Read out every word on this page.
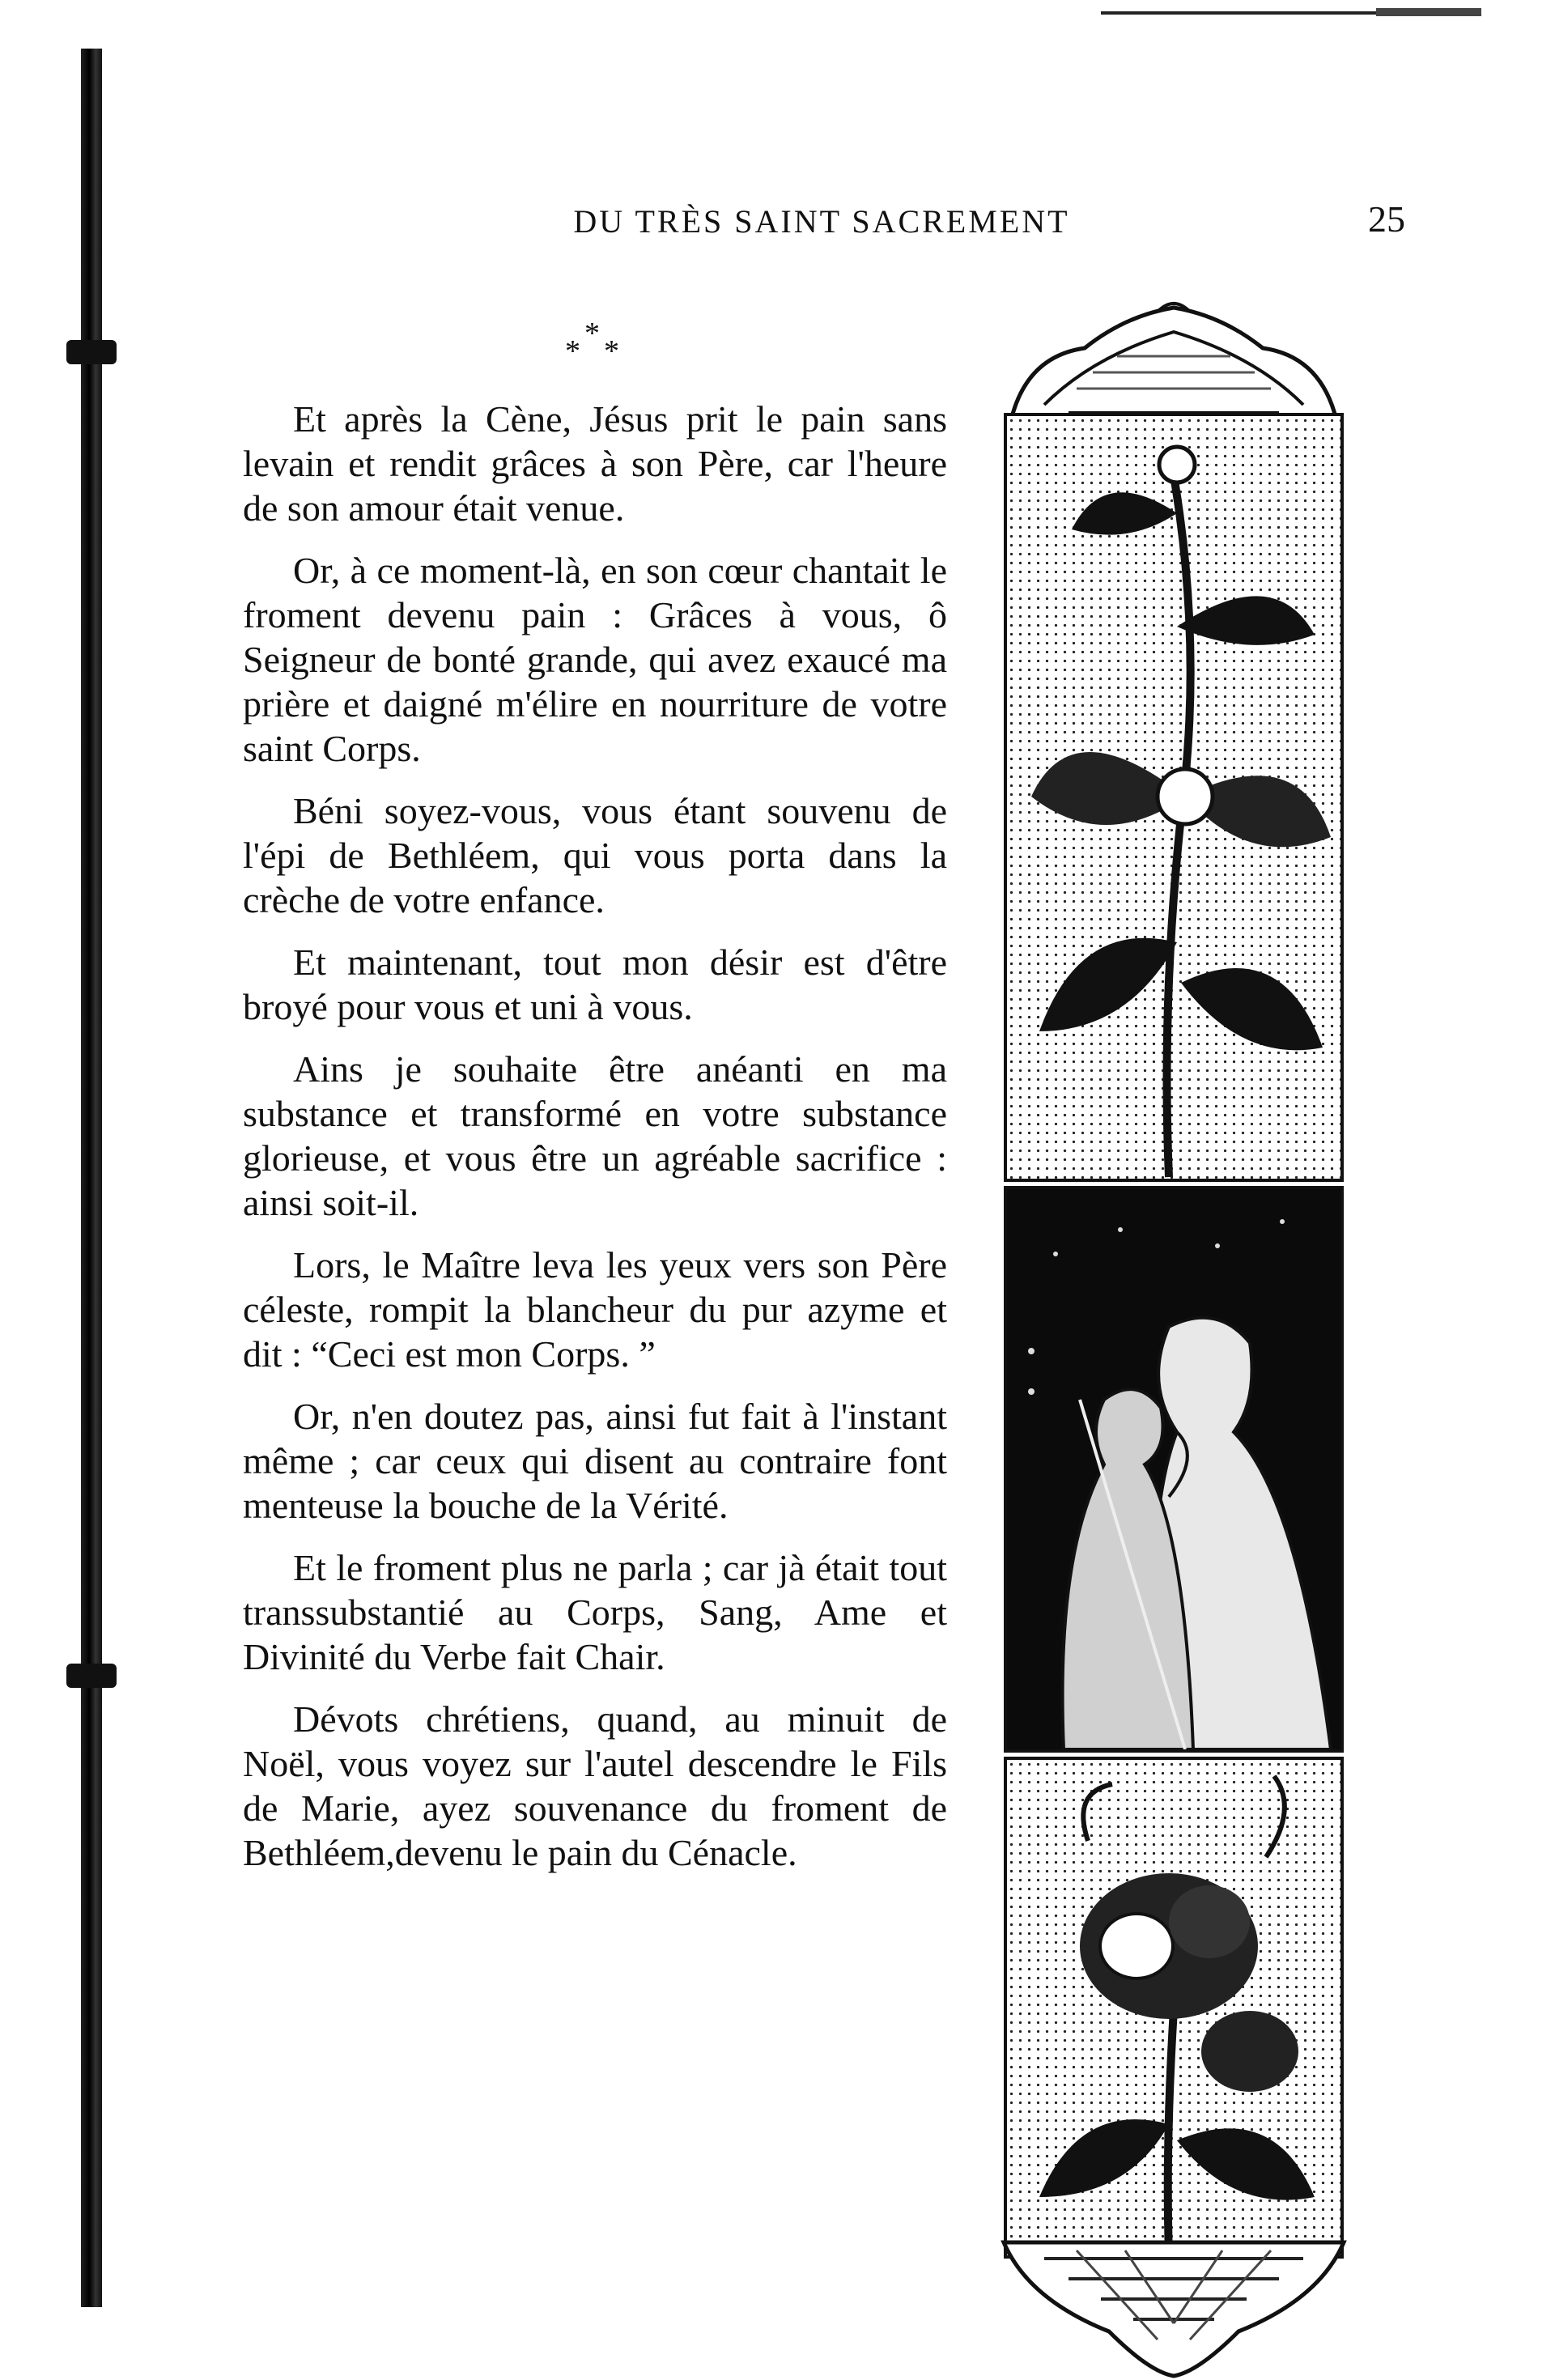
DU TRÈS SAINT SACREMENT	25
*
* *

Et après la Cène, Jésus prit le pain sans levain et rendit grâces à son Père, car l'heure de son amour était venue.

Or, à ce moment-là, en son cœur chantait le froment devenu pain : Grâces à vous, ô Seigneur de bonté grande, qui avez exaucé ma prière et daigné m'élire en nourriture de votre saint Corps.

Béni soyez-vous, vous étant souvenu de l'épi de Bethléem, qui vous porta dans la crèche de votre enfance.

Et maintenant, tout mon désir est d'être broyé pour vous et uni à vous.

Ains je souhaite être anéanti en ma substance et transformé en votre substance glorieuse, et vous être un agréable sacrifice : ainsi soit-il.

Lors, le Maître leva les yeux vers son Père céleste, rompit la blancheur du pur azyme et dit : “Ceci est mon Corps. ”

Or, n'en doutez pas, ainsi fut fait à l'instant même ; car ceux qui disent au contraire font menteuse la bouche de la Vérité.

Et le froment plus ne parla ; car jà était tout transsubstantié au Corps, Sang, Ame et Divinité du Verbe fait Chair.

Dévots chrétiens, quand, au minuit de Noël, vous voyez sur l'autel descendre le Fils de Marie, ayez souvenance du froment de Bethléem,devenu le pain du Cénacle.
